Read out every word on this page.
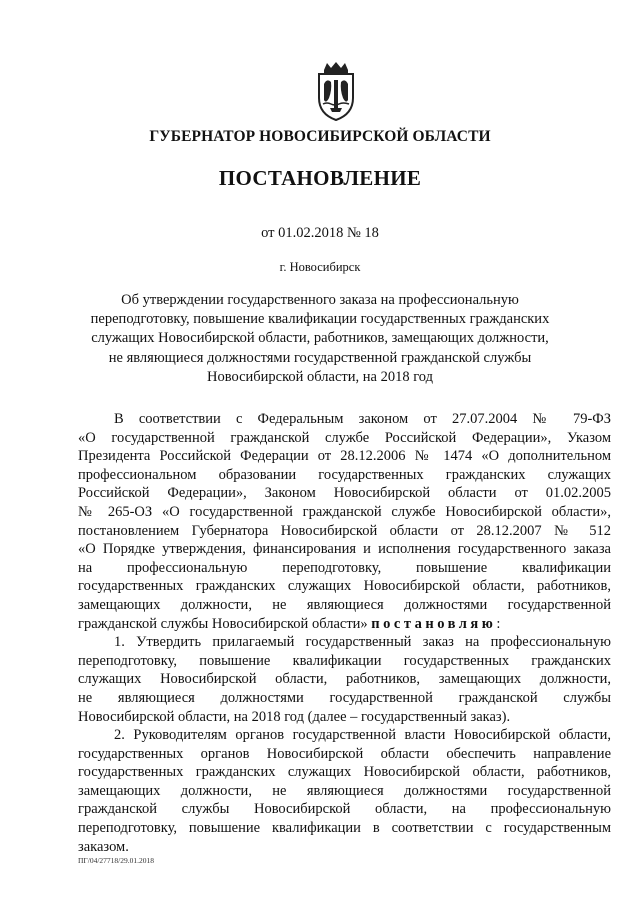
ГУБЕРНАТОР НОВОСИБИРСКОЙ ОБЛАСТИ
ПОСТАНОВЛЕНИЕ
от 01.02.2018 № 18
г. Новосибирск
Об утверждении государственного заказа на профессиональную
переподготовку, повышение квалификации государственных гражданских
служащих Новосибирской области, работников, замещающих должности,
не являющиеся должностями государственной гражданской службы
Новосибирской области, на 2018 год
В соответствии с Федеральным законом от 27.07.2004 № 79-ФЗ
«О государственной гражданской службе Российской Федерации», Указом
Президента Российской Федерации от 28.12.2006 № 1474 «О дополнительном
профессиональном образовании государственных гражданских служащих
Российской Федерации», Законом Новосибирской области от 01.02.2005
№ 265-ОЗ «О государственной гражданской службе Новосибирской области»,
постановлением Губернатора Новосибирской области от 28.12.2007 № 512
«О Порядке утверждения, финансирования и исполнения государственного заказа
на профессиональную переподготовку, повышение квалификации
государственных гражданских служащих Новосибирской области, работников,
замещающих должности, не являющиеся должностями государственной
гражданской службы Новосибирской области» постановляю:
1. Утвердить прилагаемый государственный заказ на профессиональную
переподготовку, повышение квалификации государственных гражданских
служащих Новосибирской области, работников, замещающих должности,
не являющиеся должностями государственной гражданской службы
Новосибирской области, на 2018 год (далее – государственный заказ).
2. Руководителям органов государственной власти Новосибирской области,
государственных органов Новосибирской области обеспечить направление
государственных гражданских служащих Новосибирской области, работников,
замещающих должности, не являющиеся должностями государственной
гражданской службы Новосибирской области, на профессиональную
переподготовку, повышение квалификации в соответствии с государственным
заказом.
ПГ/04/27718/29.01.2018
